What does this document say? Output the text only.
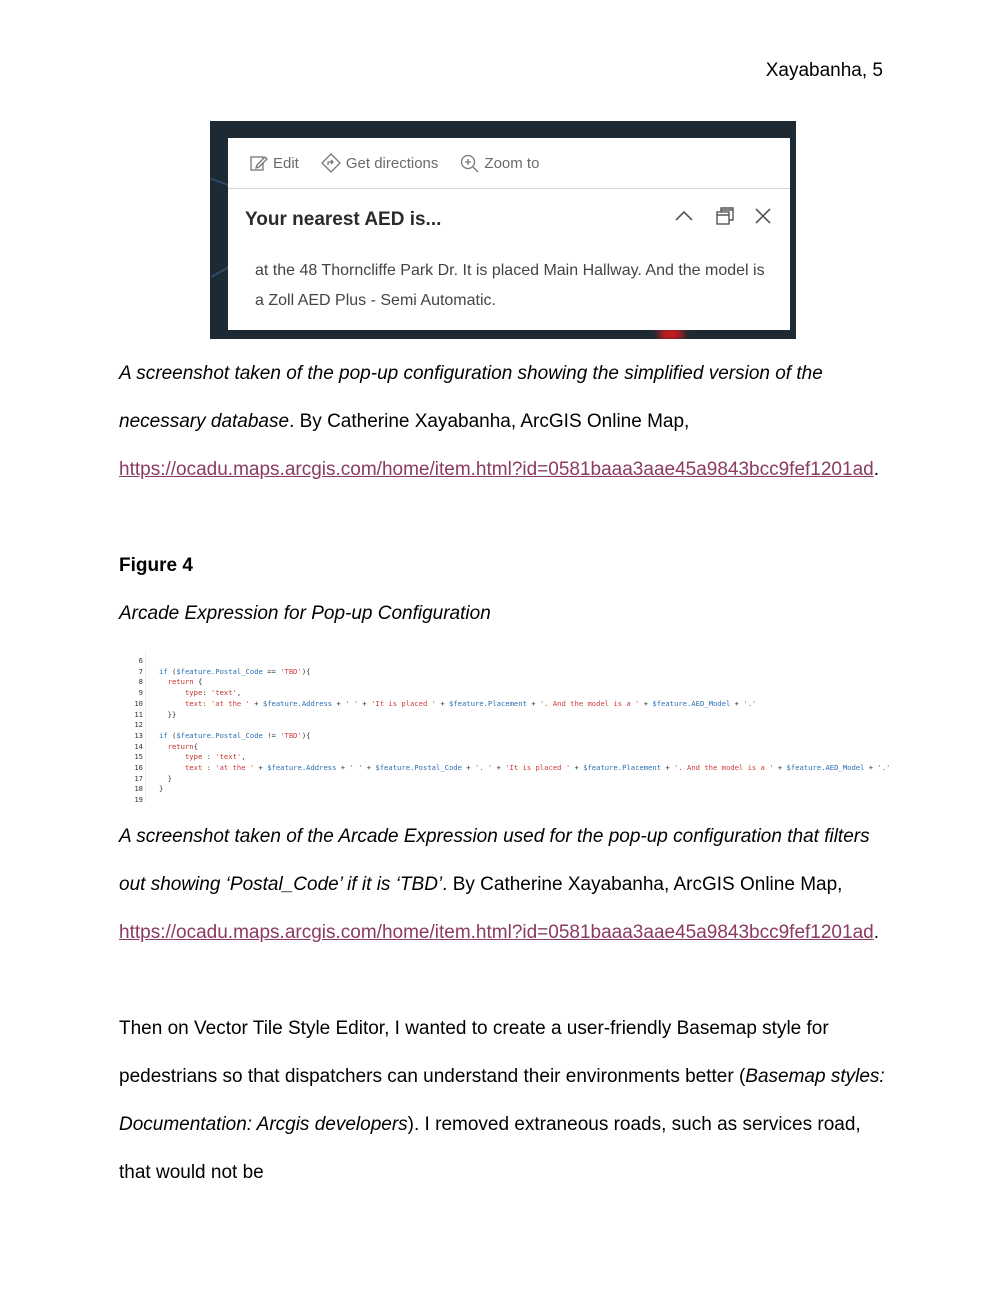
Xayabanha, 5
Edit	Get directions	Zoom to
Your nearest AED is...
at the 48 Thorncliffe Park Dr. It is placed Main Hallway. And the model is a Zoll AED Plus - Semi Automatic.
A screenshot taken of the pop-up configuration showing the simplified version of the necessary database. By Catherine Xayabanha, ArcGIS Online Map,
https://ocadu.maps.arcgis.com/home/item.html?id=0581baaa3aae45a9843bcc9fef1201ad.
Figure 4
Arcade Expression for Pop-up Configuration
6
7 if ($feature.Postal_Code == 'TBD'){
8	return {
9	type: 'text',
10	text: 'at the ' + $feature.Address + ' ' + 'It is placed ' + $feature.Placement + '. And the model is a ' + $feature.AED_Model + '.'
11 }}
12
13 if ($feature.Postal_Code != 'TBD'){
14	return{
15	type : 'text',
16	text : 'at the ' + $feature.Address + ' ' + $feature.Postal_Code + '. ' + 'It is placed ' + $feature.Placement + '. And the model is a ' + $feature.AED_Model + '.'
17 }
18 }
19
A screenshot taken of the Arcade Expression used for the pop-up configuration that filters out showing ‘Postal_Code’ if it is ‘TBD’. By Catherine Xayabanha, ArcGIS Online Map,
https://ocadu.maps.arcgis.com/home/item.html?id=0581baaa3aae45a9843bcc9fef1201ad.
Then on Vector Tile Style Editor, I wanted to create a user-friendly Basemap style for pedestrians so that dispatchers can understand their environments better (Basemap styles: Documentation: Arcgis developers). I removed extraneous roads, such as services road, that would not be
